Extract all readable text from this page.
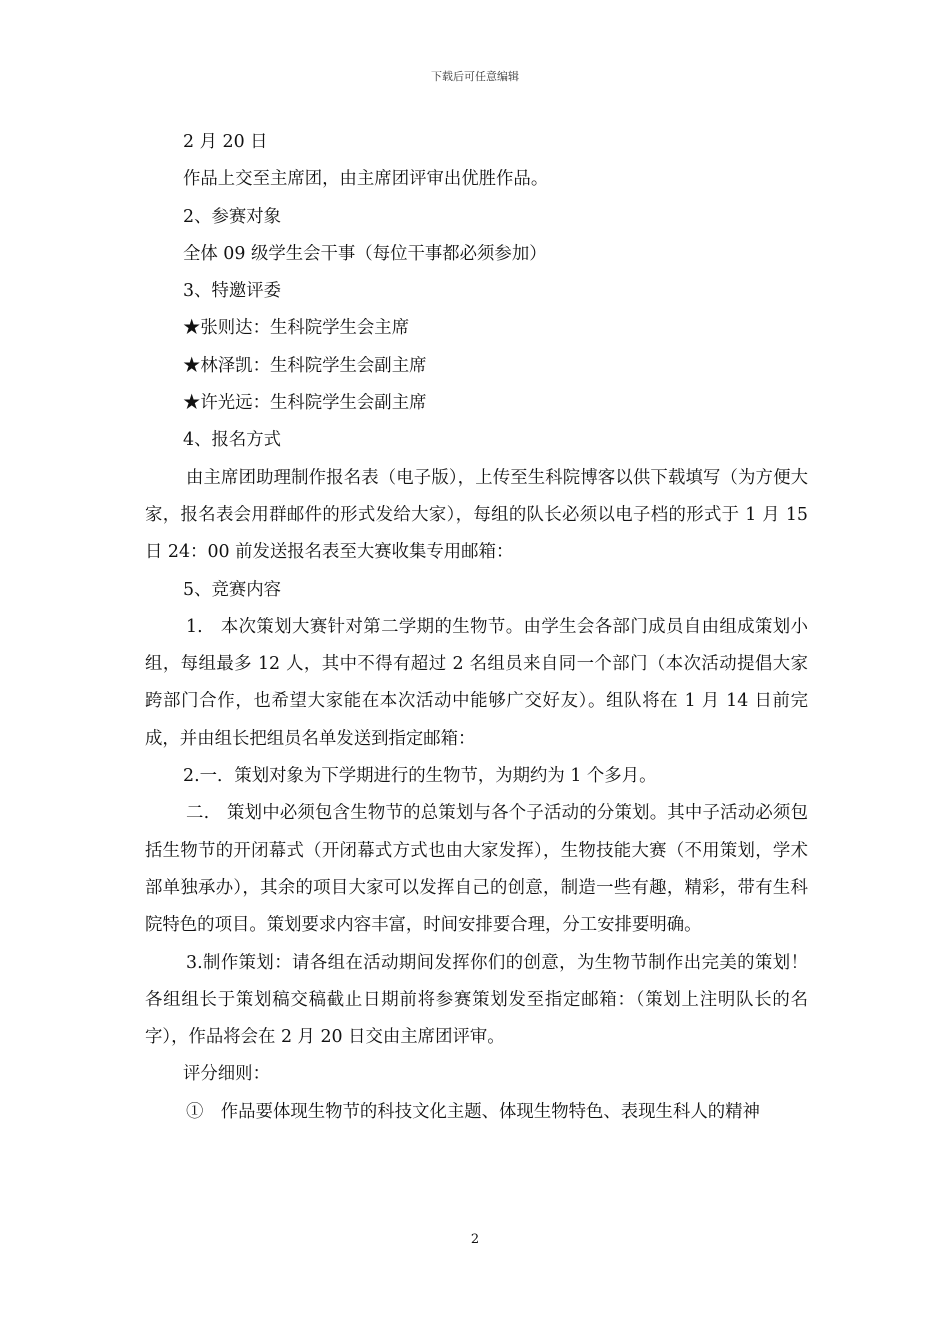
下载后可任意编辑

2 月 20 日

作品上交至主席团，由主席团评审出优胜作品。

2、参赛对象

全体 09 级学生会干事（每位干事都必须参加）

3、特邀评委

★张则达：生科院学生会主席

★林泽凯：生科院学生会副主席

★许光远：生科院学生会副主席

4、报名方式

由主席团助理制作报名表（电子版），上传至生科院博客以供下载填写（为方便大家，报名表会用群邮件的形式发给大家），每组的队长必须以电子档的形式于 1 月 15 日 24：00 前发送报名表至大赛收集专用邮箱：

5、竞赛内容

1.　本次策划大赛针对第二学期的生物节。由学生会各部门成员自由组成策划小组，每组最多 12 人，其中不得有超过 2 名组员来自同一个部门（本次活动提倡大家跨部门合作，也希望大家能在本次活动中能够广交好友）。组队将在 1 月 14 日前完成，并由组长把组员名单发送到指定邮箱：

2.一．策划对象为下学期进行的生物节，为期约为 1 个多月。

二.　策划中必须包含生物节的总策划与各个子活动的分策划。其中子活动必须包括生物节的开闭幕式（开闭幕式方式也由大家发挥），生物技能大赛（不用策划，学术部单独承办），其余的项目大家可以发挥自己的创意，制造一些有趣，精彩，带有生科院特色的项目。策划要求内容丰富，时间安排要合理，分工安排要明确。

3.制作策划：请各组在活动期间发挥你们的创意，为生物节制作出完美的策划！各组组长于策划稿交稿截止日期前将参赛策划发至指定邮箱：（策划上注明队长的名字），作品将会在 2 月 20 日交由主席团评审。

评分细则：

①　作品要体现生物节的科技文化主题、体现生物特色、表现生科人的精神

2
